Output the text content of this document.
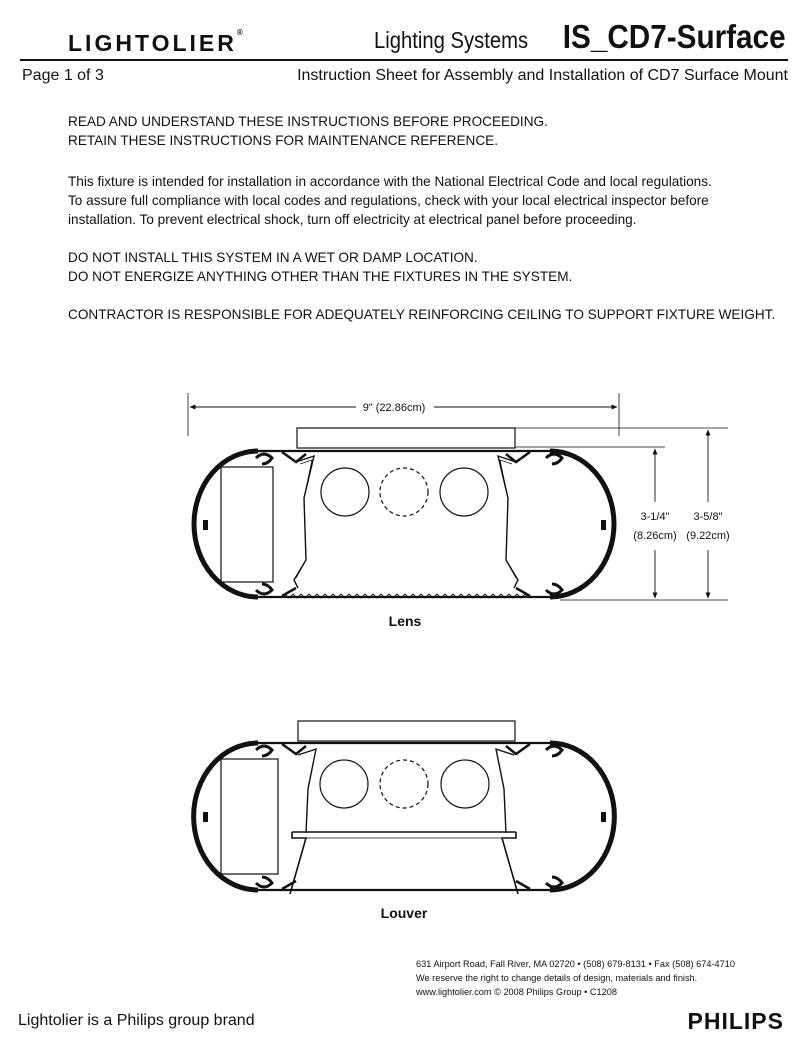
LIGHTOLIER®	Lighting Systems IS_CD7-Surface
Page 1 of 3	Instruction Sheet for Assembly and Installation of CD7 Surface Mount
READ AND UNDERSTAND THESE INSTRUCTIONS BEFORE PROCEEDING.
RETAIN THESE INSTRUCTIONS FOR MAINTENANCE REFERENCE.
This fixture is intended for installation in accordance with the National Electrical Code and local regulations.
To assure full compliance with local codes and regulations, check with your local electrical inspector before
installation. To prevent electrical shock, turn off electricity at electrical panel before proceeding.
DO NOT INSTALL THIS SYSTEM IN A WET OR DAMP LOCATION.
DO NOT ENERGIZE ANYTHING OTHER THAN THE FIXTURES IN THE SYSTEM.
CONTRACTOR IS RESPONSIBLE FOR ADEQUATELY REINFORCING CEILING TO SUPPORT FIXTURE WEIGHT.
9" (22.86cm)
3-1/4"
(8.26cm)
3-5/8"
(9.22cm)
Lens
Louver
631 Airport Road, Fall River, MA 02720 • (508) 679-8131 • Fax (508) 674-4710
We reserve the right to change details of design, materials and finish.
www.lightolier.com © 2008 Philips Group • C1208
Lightolier is a Philips group brand	PHILIPS
